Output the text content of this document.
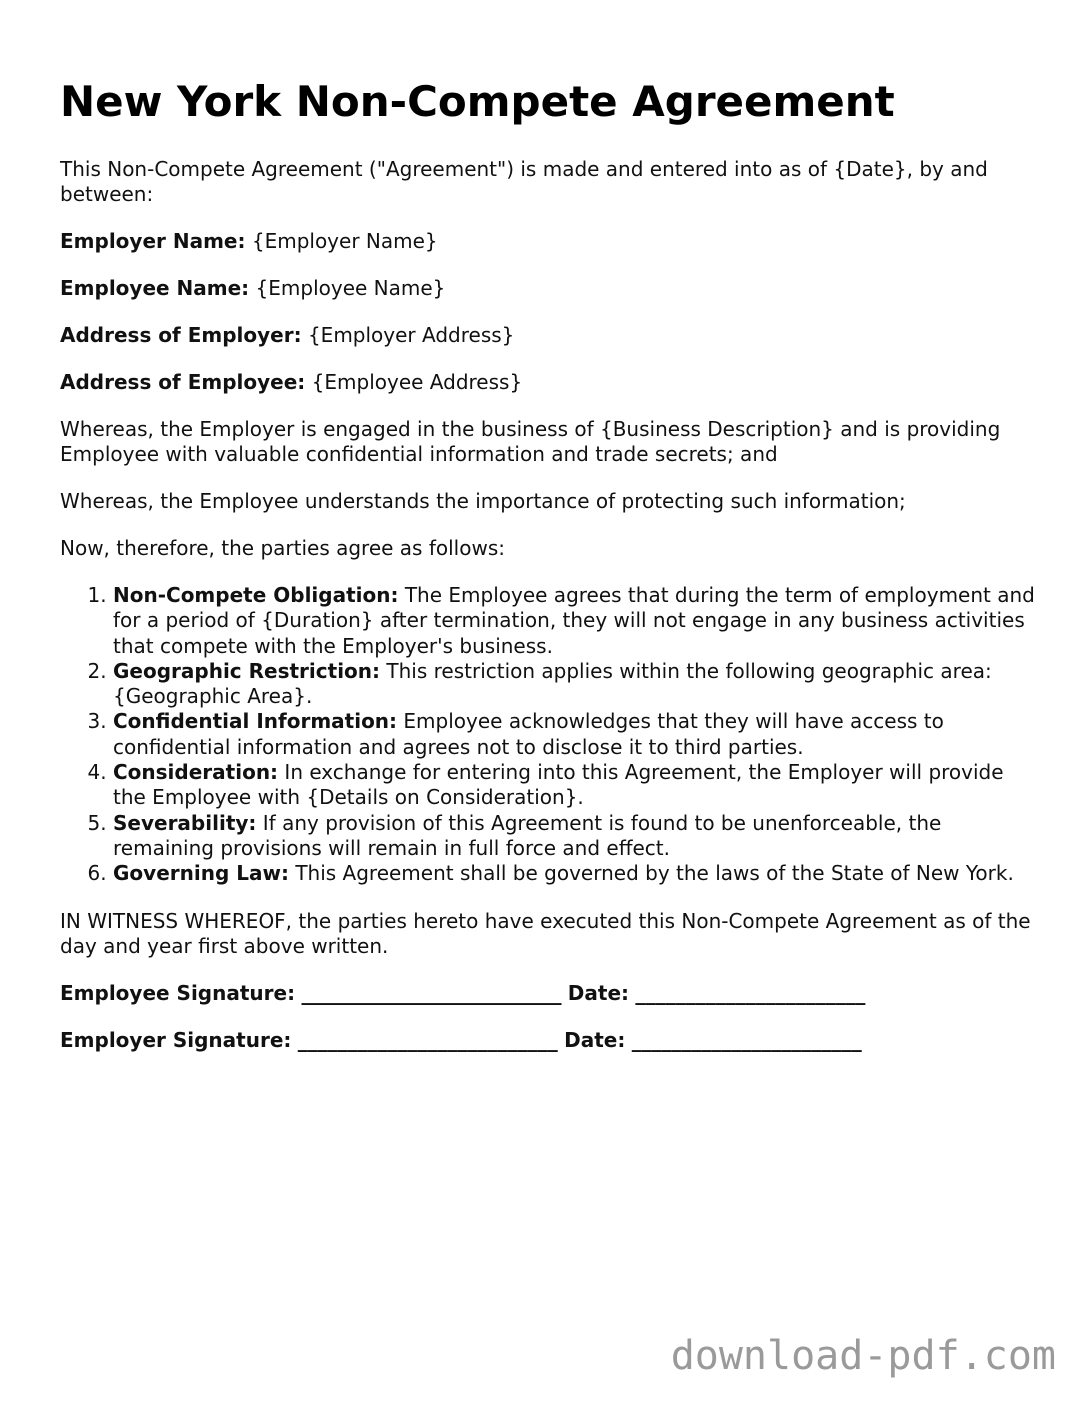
New York Non-Compete Agreement

This Non-Compete Agreement ("Agreement") is made and entered into as of {Date}, by and between:

Employer Name: {Employer Name}

Employee Name: {Employee Name}

Address of Employer: {Employer Address}

Address of Employee: {Employee Address}

Whereas, the Employer is engaged in the business of {Business Description} and is providing Employee with valuable confidential information and trade secrets; and

Whereas, the Employee understands the importance of protecting such information;

Now, therefore, the parties agree as follows:

1. Non-Compete Obligation: The Employee agrees that during the term of employment and for a period of {Duration} after termination, they will not engage in any business activities that compete with the Employer's business.
2. Geographic Restriction: This restriction applies within the following geographic area: {Geographic Area}.
3. Confidential Information: Employee acknowledges that they will have access to confidential information and agrees not to disclose it to third parties.
4. Consideration: In exchange for entering into this Agreement, the Employer will provide the Employee with {Details on Consideration}.
5. Severability: If any provision of this Agreement is found to be unenforceable, the remaining provisions will remain in full force and effect.
6. Governing Law: This Agreement shall be governed by the laws of the State of New York.

IN WITNESS WHEREOF, the parties hereto have executed this Non-Compete Agreement as of the day and year first above written.

Employee Signature: __________________________ Date: _______________________

Employer Signature: __________________________ Date: _______________________

download-pdf.com
